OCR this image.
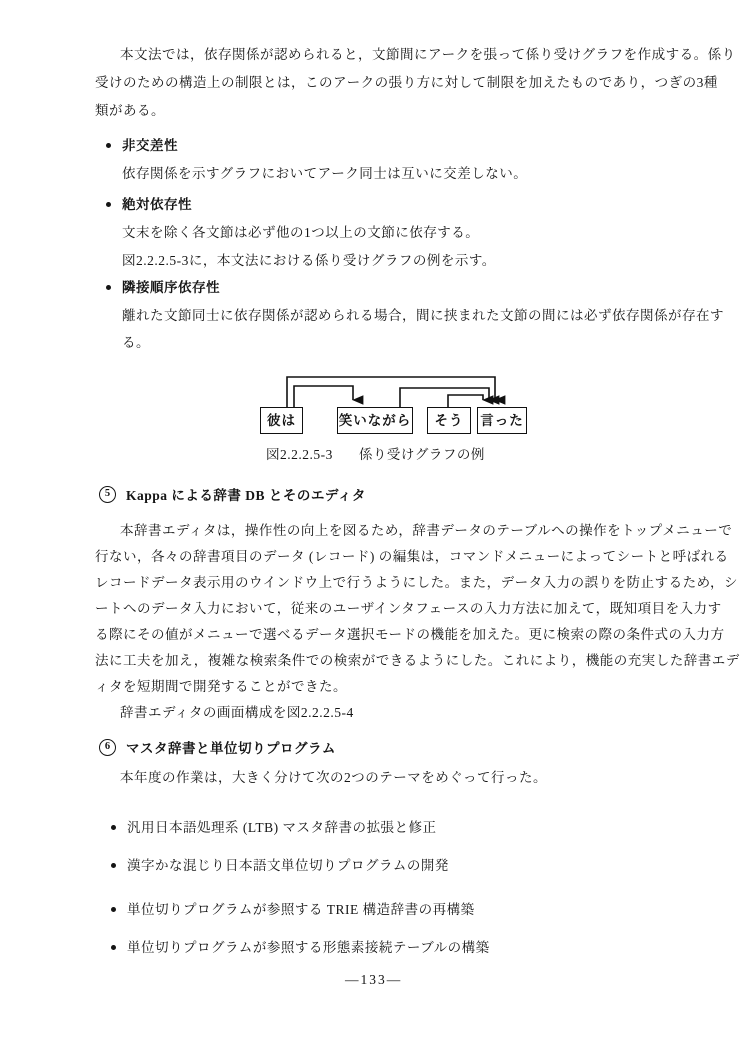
本文法では，依存関係が認められると，文節間にアークを張って係り受けグラフを作成する。係り
受けのための構造上の制限とは，このアークの張り方に対して制限を加えたものであり，つぎの3種
類がある。
非交差性
依存関係を示すグラフにおいてアーク同士は互いに交差しない。
絶対依存性
文末を除く各文節は必ず他の1つ以上の文節に依存する。
図2.2.2.5-3に，本文法における係り受けグラフの例を示す。
隣接順序依存性
離れた文節同士に依存関係が認められる場合，間に挟まれた文節の間には必ず依存関係が存在す
る。
彼は	笑いながら	そう	言った
図2.2.2.5-3 係り受けグラフの例
5	Kappa による辞書 DB とそのエディタ
本辞書エディタは，操作性の向上を図るため，辞書データのテーブルへの操作をトップメニューで
行ない，各々の辞書項目のデータ (レコード) の編集は，コマンドメニューによってシートと呼ばれる
レコードデータ表示用のウインドウ上で行うようにした。また，データ入力の誤りを防止するため，シ
ートへのデータ入力において，従来のユーザインタフェースの入力方法に加えて，既知項目を入力す
る際にその値がメニューで選べるデータ選択モードの機能を加えた。更に検索の際の条件式の入力方
法に工夫を加え，複雑な検索条件での検索ができるようにした。これにより，機能の充実した辞書エデ
ィタを短期間で開発することができた。
辞書エディタの画面構成を図2.2.2.5-4
6	マスタ辞書と単位切りプログラム
本年度の作業は，大きく分けて次の2つのテーマをめぐって行った。
汎用日本語処理系 (LTB) マスタ辞書の拡張と修正
漢字かな混じり日本語文単位切りプログラムの開発
単位切りプログラムが参照する TRIE 構造辞書の再構築
単位切りプログラムが参照する形態素接続テーブルの構築
—133—
